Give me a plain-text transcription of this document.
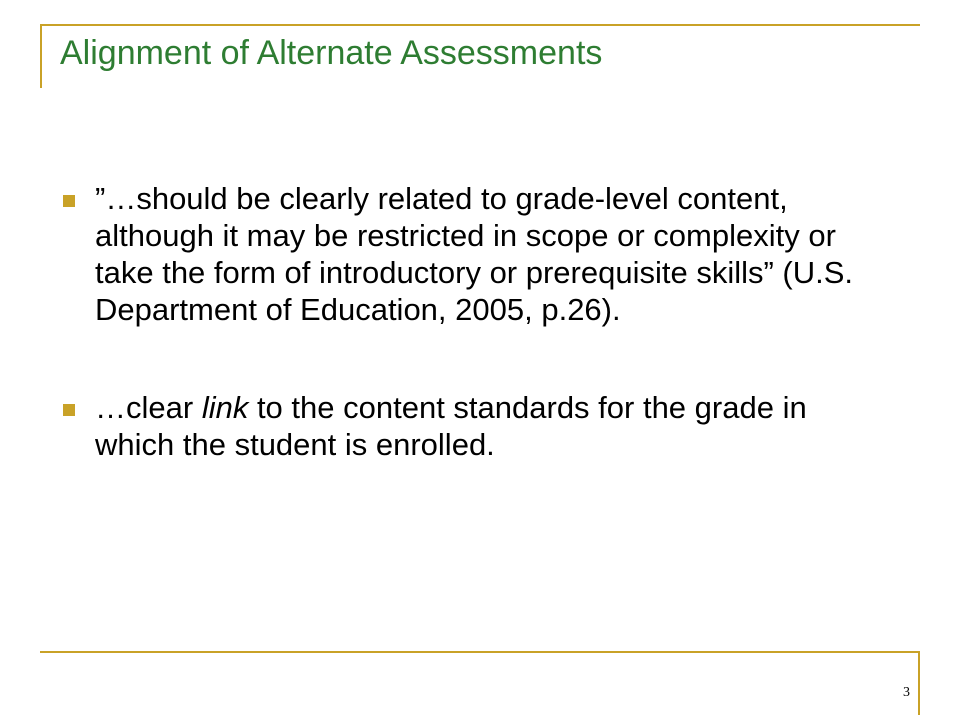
Alignment of Alternate Assessments
”…should be clearly related to grade-level content, although it may be restricted in scope or complexity or take the form of introductory or prerequisite skills” (U.S. Department of Education, 2005, p.26).
…clear link to the content standards for the grade in which the student is enrolled.
3
